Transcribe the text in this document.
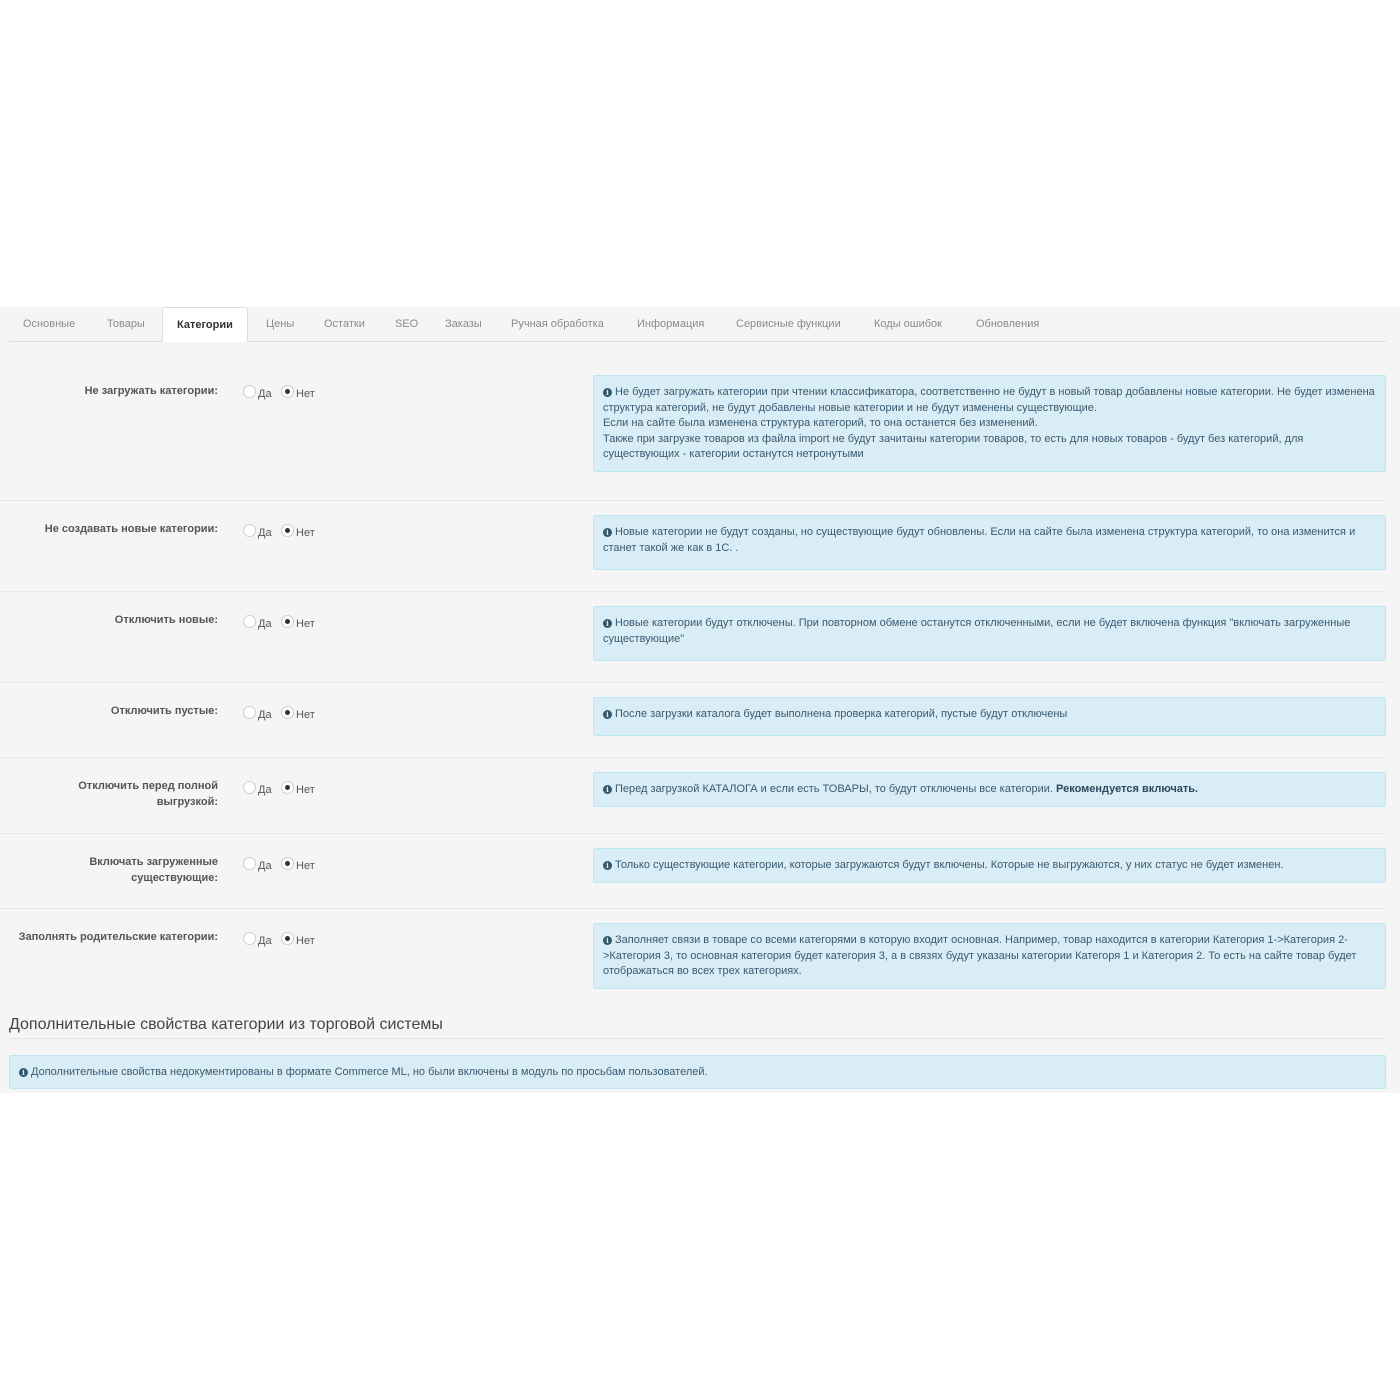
Основные	Товары	Категории	Цены	Остатки	SEO	Заказы	Ручная обработка	Информация	Сервисные функции	Коды ошибок	Обновления
Не загружать категории:	Да	Нет	i Не будет загружать категории при чтении классификатора, соответственно не будут в новый товар добавлены новые категории. Не будет изменена структура категорий, не будут добавлены новые категории и не будут изменены существующие.
Если на сайте была изменена структура категорий, то она останется без изменений.
Также при загрузке товаров из файла import не будут зачитаны категории товаров, то есть для новых товаров - будут без категорий, для существующих - категории останутся нетронутыми
Не создавать новые категории:	Да	Нет	i Новые категории не будут созданы, но существующие будут обновлены. Если на сайте была изменена структура категорий, то она изменится и станет такой же как в 1С. .
Отключить новые:	Да	Нет	i Новые категории будут отключены. При повторном обмене останутся отключенными, если не будет включена функция "включать загруженные существующие"
Отключить пустые:	Да	Нет	i После загрузки каталога будет выполнена проверка категорий, пустые будут отключены
Отключить перед полной выгрузкой:
Да	Нет	i Перед загрузкой КАТАЛОГА и если есть ТОВАРЫ, то будут отключены все категории. Рекомендуется включать.
Включать загруженные существующие:
Да	Нет	i Только существующие категории, которые загружаются будут включены. Которые не выгружаются, у них статус не будет изменен.
Заполнять родительские категории:	Да	Нет	i Заполняет связи в товаре со всеми категорями в которую входит основная. Например, товар находится в категории Категория 1->Категория 2->Категория 3, то основная категория будет категория 3, а в связях будут указаны категории Категоря 1 и Категория 2. То есть на сайте товар будет отображаться во всех трех категориях.
Дополнительные свойства категории из торговой системы
i Дополнительные свойства недокументированы в формате Commerce ML, но были включены в модуль по просьбам пользователей.
